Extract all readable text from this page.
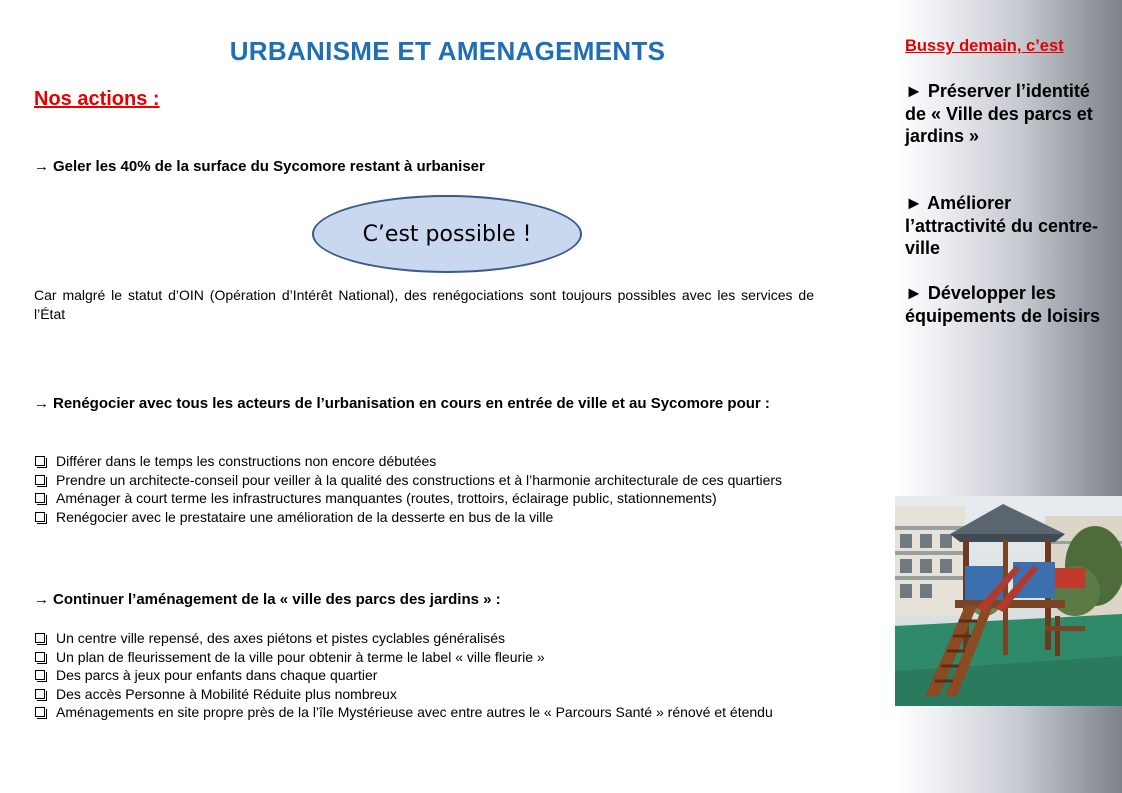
URBANISME ET AMENAGEMENTS
Nos actions :
→ Geler les 40% de la surface du Sycomore restant à urbaniser
C’est possible !
Car malgré le statut d’OIN (Opération d’Intérêt National), des renégociations sont toujours possibles avec les services de l’État
→ Renégocier avec tous les acteurs de l’urbanisation en cours en entrée de ville et au Sycomore pour :
Différer dans le temps les constructions non encore débutées
Prendre un architecte-conseil pour veiller à la qualité des constructions et à l’harmonie architecturale de ces quartiers
Aménager à court terme les infrastructures manquantes (routes, trottoirs, éclairage public, stationnements)
Renégocier avec le prestataire une amélioration de la desserte en bus de la ville
→ Continuer l’aménagement de la « ville des parcs des jardins » :
Un centre ville repensé, des axes piétons et pistes cyclables généralisés
Un plan de fleurissement de la ville pour obtenir à terme le label « ville fleurie »
Des parcs à jeux pour enfants dans chaque quartier
Des accès Personne à Mobilité Réduite plus nombreux
Aménagements en site propre près de la l’île Mystérieuse avec entre autres le « Parcours Santé » rénové et étendu
Bussy demain, c’est
► Préserver l’identité de « Ville des parcs et jardins »
► Améliorer l’attractivité du centre-ville
► Développer les équipements de loisirs
